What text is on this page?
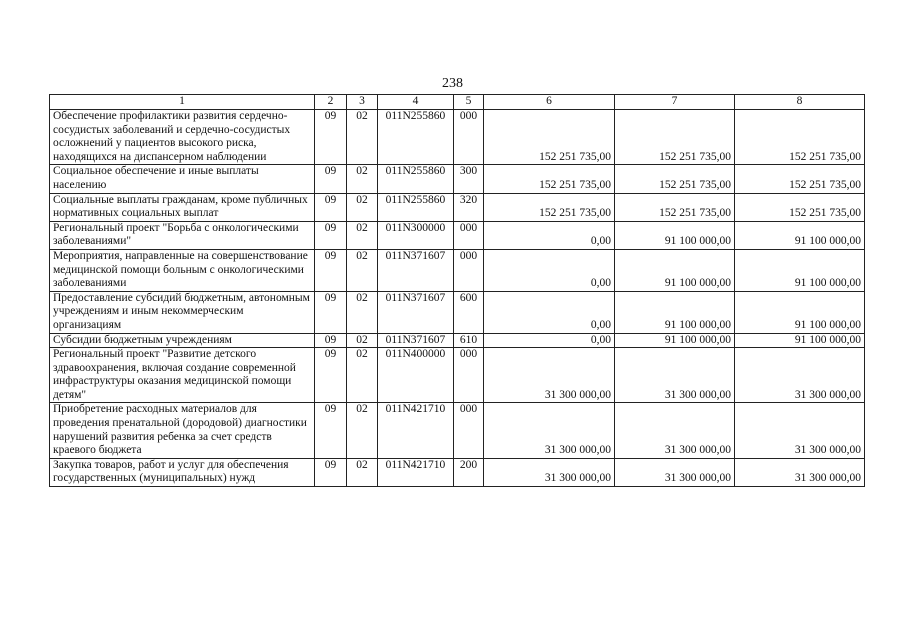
238
1	2	3	4	5	6	7	8
Обеспечение профилактики развития сердечно-сосудистых заболеваний и сердечно-сосудистых осложнений у пациентов высокого риска, находящихся на диспансерном наблюдении	09	02	011N255860	000	152 251 735,00	152 251 735,00	152 251 735,00
Социальное обеспечение и иные выплаты населению	09	02	011N255860	300	152 251 735,00	152 251 735,00	152 251 735,00
Социальные выплаты гражданам, кроме публичных нормативных социальных выплат	09	02	011N255860	320	152 251 735,00	152 251 735,00	152 251 735,00
Региональный проект "Борьба с онкологическими заболеваниями"	09	02	011N300000	000	0,00	91 100 000,00	91 100 000,00
Мероприятия, направленные на совершенствование медицинской помощи больным с онкологическими заболеваниями	09	02	011N371607	000	0,00	91 100 000,00	91 100 000,00
Предоставление субсидий бюджетным, автономным учреждениям и иным некоммерческим организациям	09	02	011N371607	600	0,00	91 100 000,00	91 100 000,00
Субсидии бюджетным учреждениям	09	02	011N371607	610	0,00	91 100 000,00	91 100 000,00
Региональный проект "Развитие детского здравоохранения, включая создание современной инфраструктуры оказания медицинской помощи детям"	09	02	011N400000	000	31 300 000,00	31 300 000,00	31 300 000,00
Приобретение расходных материалов для проведения пренатальной (дородовой) диагностики нарушений развития ребенка за счет средств краевого бюджета	09	02	011N421710	000	31 300 000,00	31 300 000,00	31 300 000,00
Закупка товаров, работ и услуг для обеспечения государственных (муниципальных) нужд	09	02	011N421710	200	31 300 000,00	31 300 000,00	31 300 000,00
